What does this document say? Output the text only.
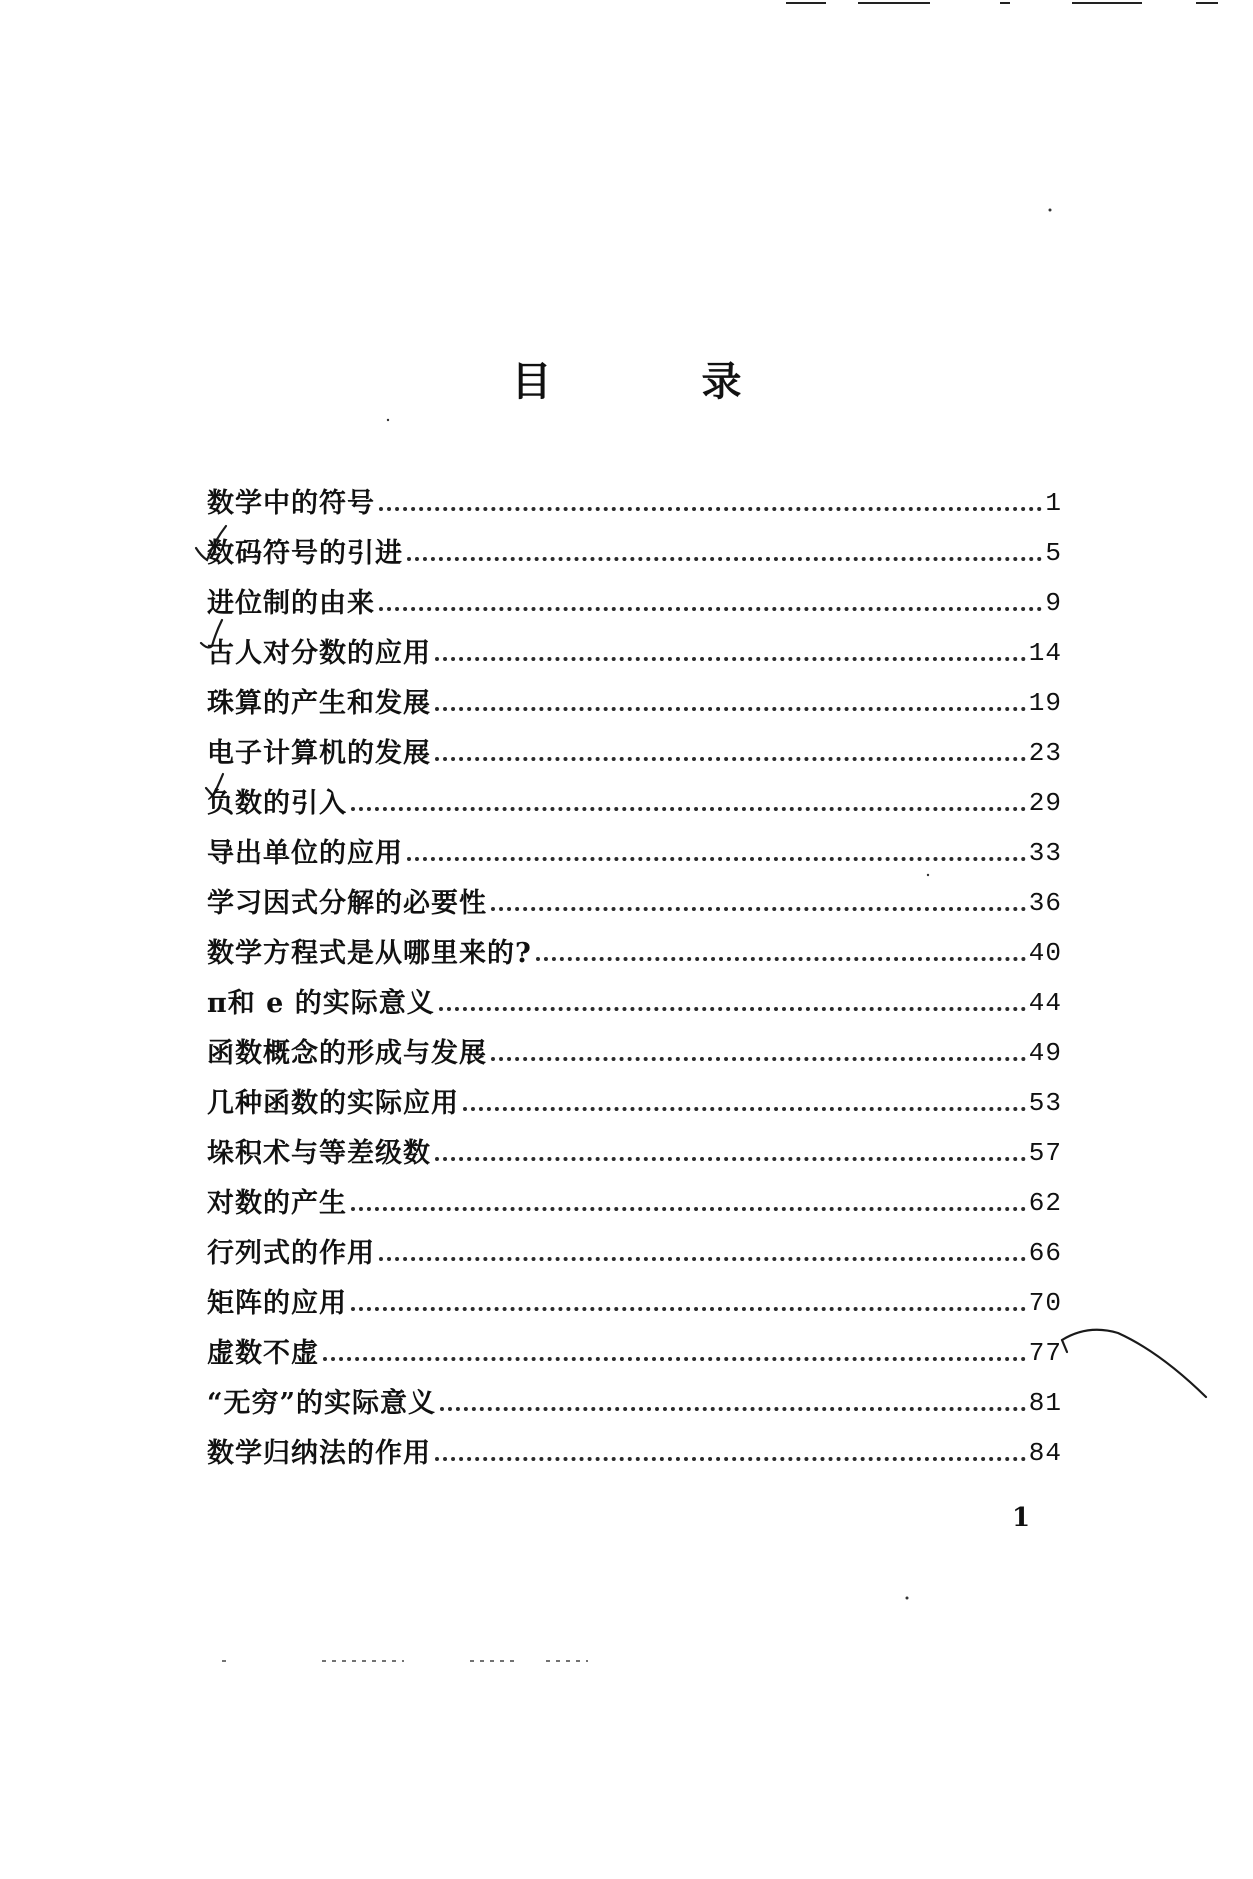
目 录
数学中的符号	1
数码符号的引进	5
进位制的由来	9
古人对分数的应用	14
珠算的产生和发展	19
电子计算机的发展	23
负数的引入	29
导出单位的应用	33
学习因式分解的必要性	36
数学方程式是从哪里来的?	40
π和 e 的实际意义	44
函数概念的形成与发展	49
几种函数的实际应用	53
垛积术与等差级数	57
对数的产生	62
行列式的作用	66
矩阵的应用	70
虚数不虚	77
“无穷”的实际意义	81
数学归纳法的作用	84
1
